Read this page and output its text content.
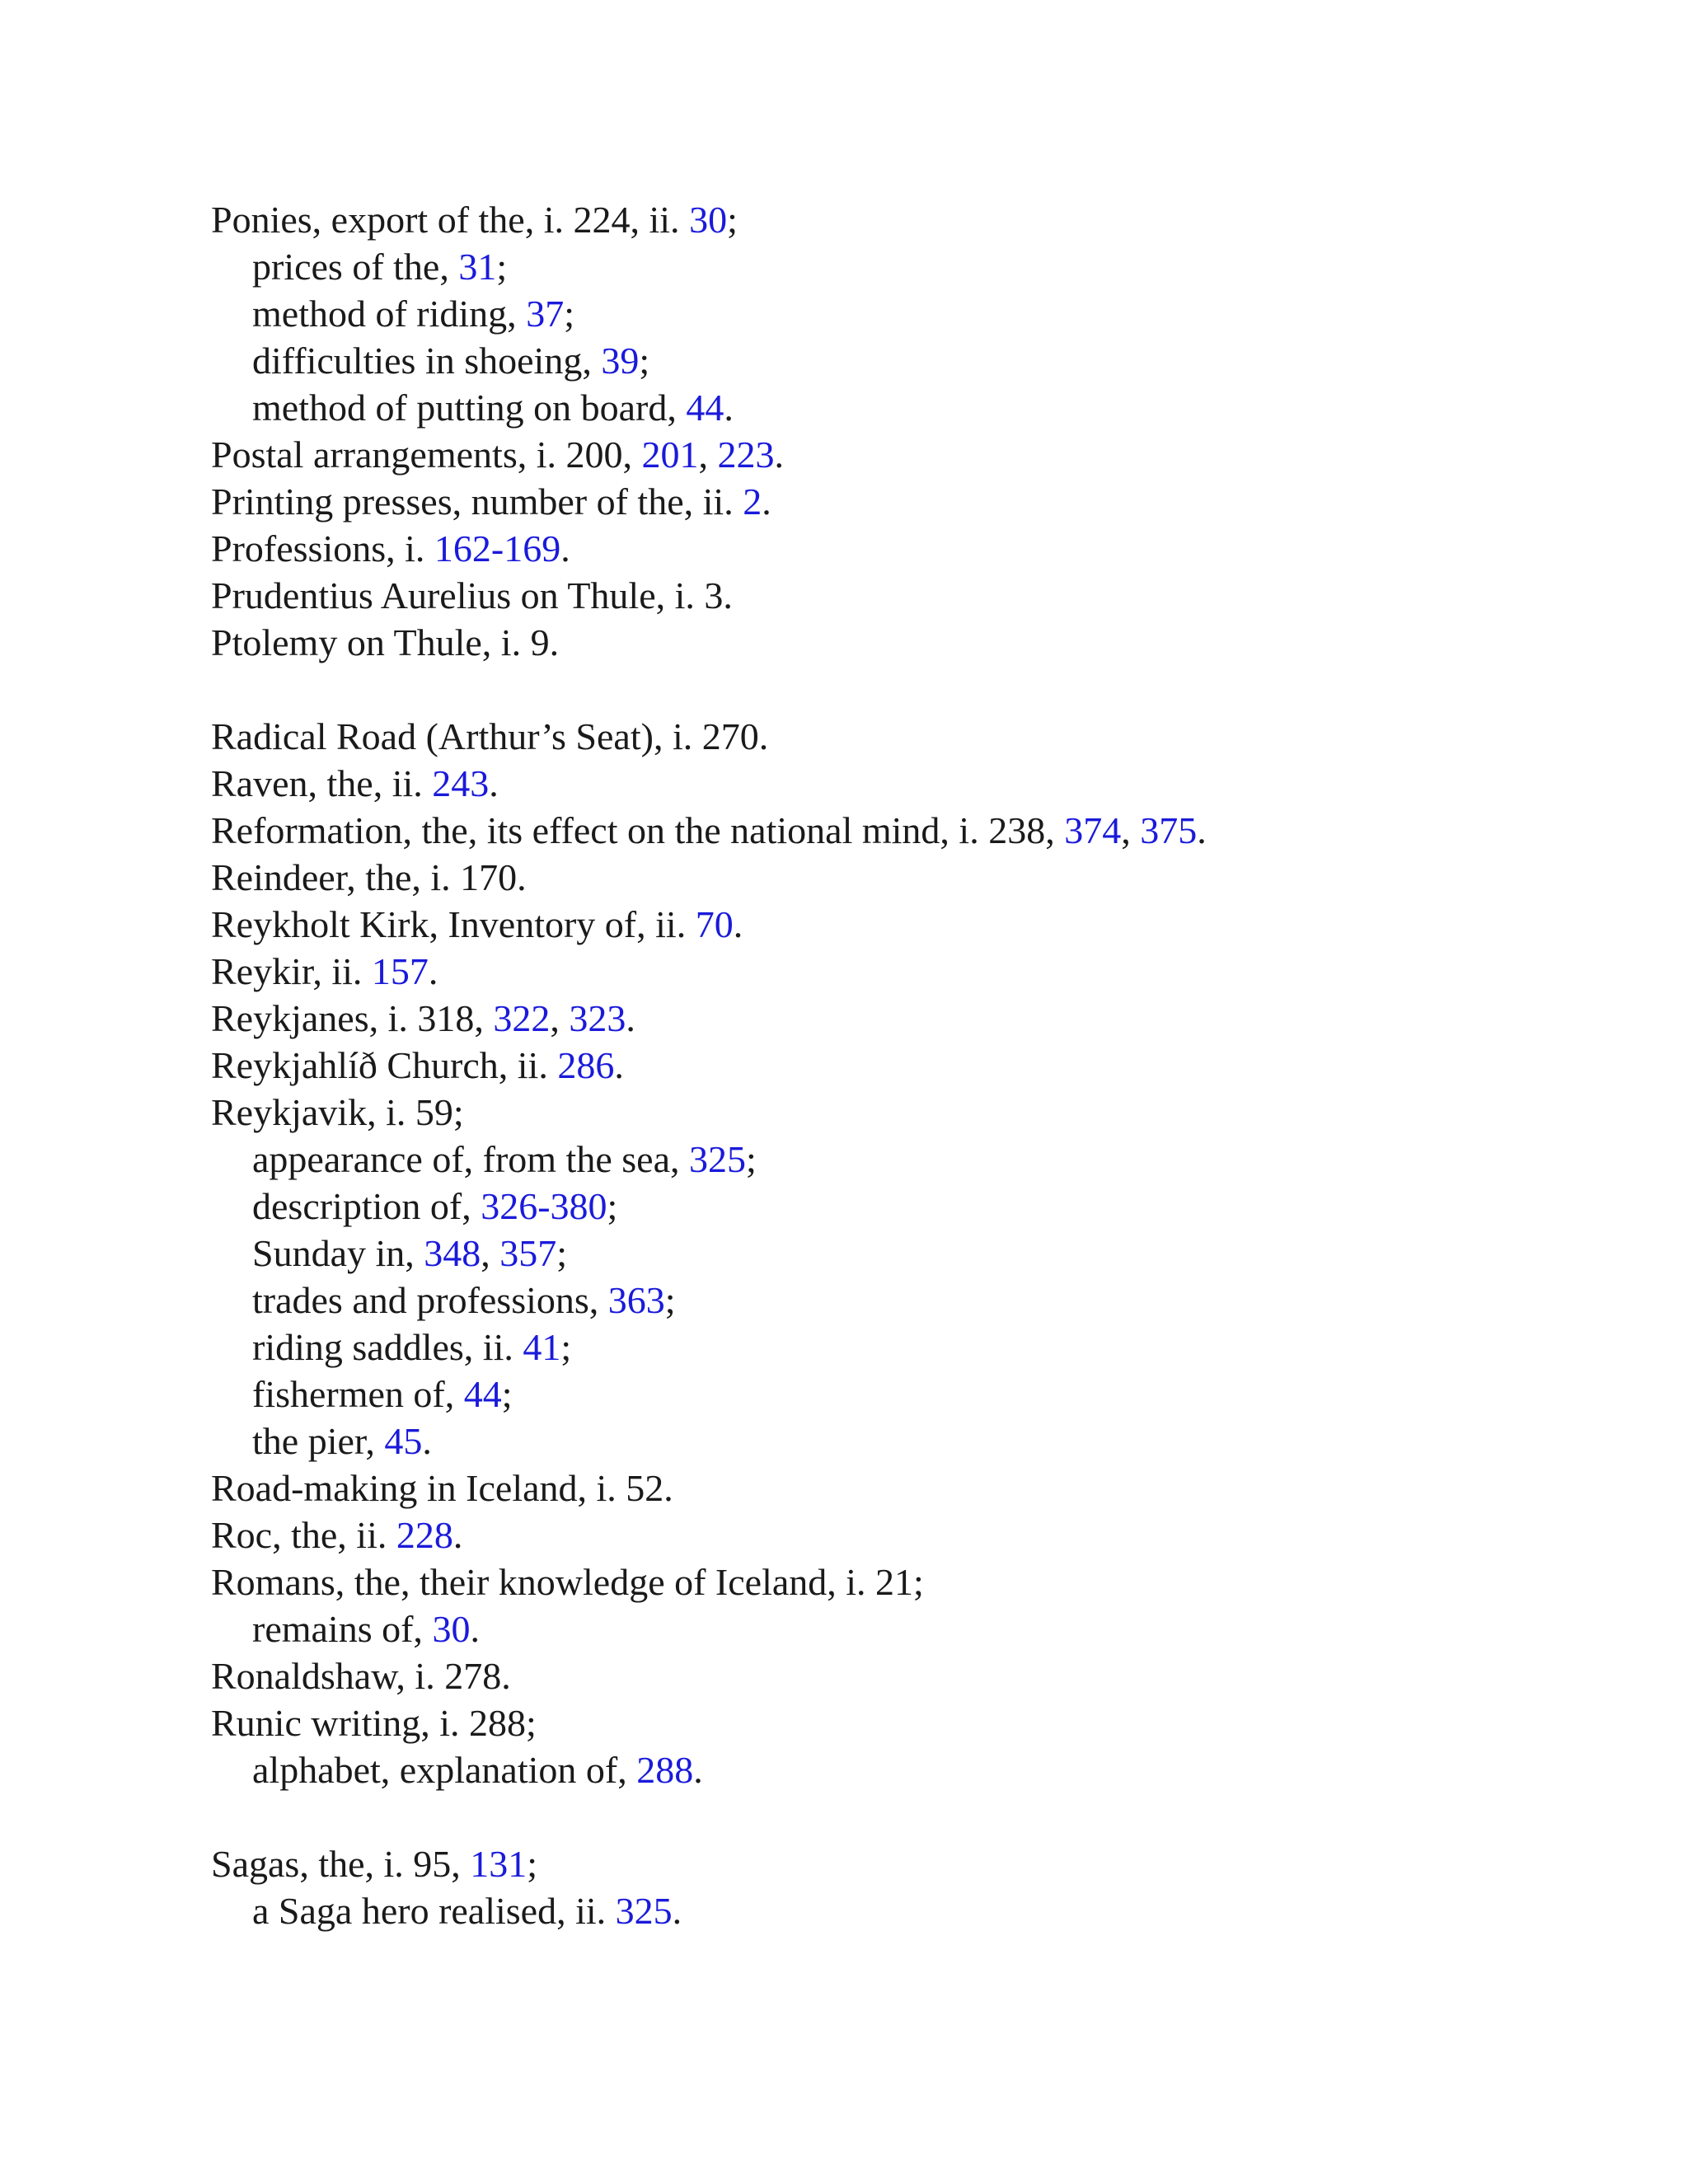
Ponies, export of the, i. 224, ii. 30;
prices of the, 31;
method of riding, 37;
difficulties in shoeing, 39;
method of putting on board, 44.
Postal arrangements, i. 200, 201, 223.
Printing presses, number of the, ii. 2.
Professions, i. 162-169.
Prudentius Aurelius on Thule, i. 3.
Ptolemy on Thule, i. 9.
Radical Road (Arthur’s Seat), i. 270.
Raven, the, ii. 243.
Reformation, the, its effect on the national mind, i. 238, 374, 375.
Reindeer, the, i. 170.
Reykholt Kirk, Inventory of, ii. 70.
Reykir, ii. 157.
Reykjanes, i. 318, 322, 323.
Reykjahlíð Church, ii. 286.
Reykjavik, i. 59;
appearance of, from the sea, 325;
description of, 326-380;
Sunday in, 348, 357;
trades and professions, 363;
riding saddles, ii. 41;
fishermen of, 44;
the pier, 45.
Road-making in Iceland, i. 52.
Roc, the, ii. 228.
Romans, the, their knowledge of Iceland, i. 21;
remains of, 30.
Ronaldshaw, i. 278.
Runic writing, i. 288;
alphabet, explanation of, 288.
Sagas, the, i. 95, 131;
a Saga hero realised, ii. 325.
